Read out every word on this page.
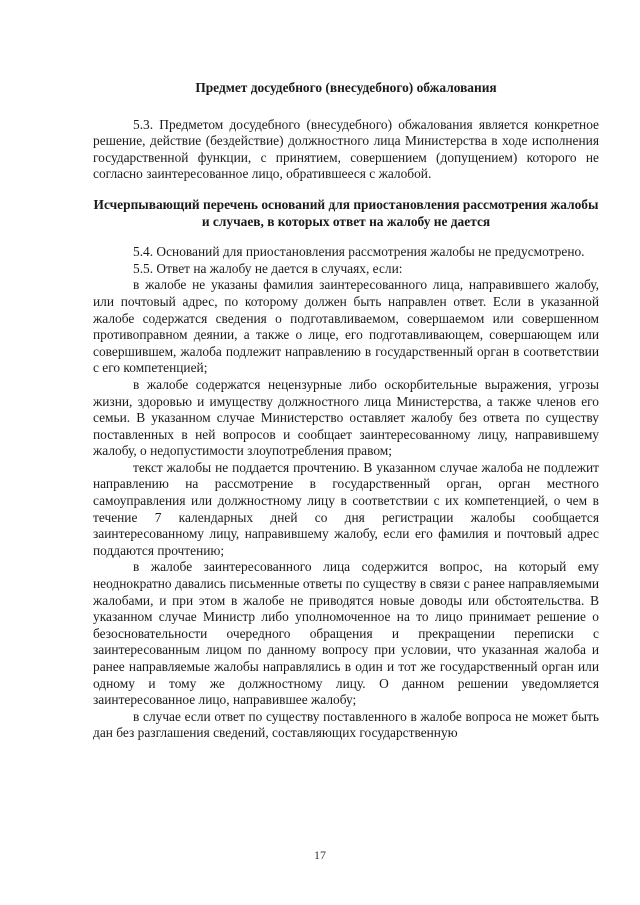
Предмет досудебного (внесудебного) обжалования

5.3. Предметом досудебного (внесудебного) обжалования является конкретное решение, действие (бездействие) должностного лица Министерства в ходе исполнения государственной функции, с принятием, совершением (допущением) которого не согласно заинтересованное лицо, обратившееся с жалобой.

Исчерпывающий перечень оснований для приостановления рассмотрения жалобы и случаев, в которых ответ на жалобу не дается

5.4. Оснований для приостановления рассмотрения жалобы не предусмотрено.

5.5. Ответ на жалобу не дается в случаях, если:

в жалобе не указаны фамилия заинтересованного лица, направившего жалобу, или почтовый адрес, по которому должен быть направлен ответ. Если в указанной жалобе содержатся сведения о подготавливаемом, совершаемом или совершенном противоправном деянии, а также о лице, его подготавливающем, совершающем или совершившем, жалоба подлежит направлению в государственный орган в соответствии с его компетенцией;

в жалобе содержатся нецензурные либо оскорбительные выражения, угрозы жизни, здоровью и имуществу должностного лица Министерства, а также членов его семьи. В указанном случае Министерство оставляет жалобу без ответа по существу поставленных в ней вопросов и сообщает заинтересованному лицу, направившему жалобу, о недопустимости злоупотребления правом;

текст жалобы не поддается прочтению. В указанном случае жалоба не подлежит направлению на рассмотрение в государственный орган, орган местного самоуправления или должностному лицу в соответствии с их компетенцией, о чем в течение 7 календарных дней со дня регистрации жалобы сообщается заинтересованному лицу, направившему жалобу, если его фамилия и почтовый адрес поддаются прочтению;

в жалобе заинтересованного лица содержится вопрос, на который ему неоднократно давались письменные ответы по существу в связи с ранее направляемыми жалобами, и при этом в жалобе не приводятся новые доводы или обстоятельства. В указанном случае Министр либо уполномоченное на то лицо принимает решение о безосновательности очередного обращения и прекращении переписки с заинтересованным лицом по данному вопросу при условии, что указанная жалоба и ранее направляемые жалобы направлялись в один и тот же государственный орган или одному и тому же должностному лицу. О данном решении уведомляется заинтересованное лицо, направившее жалобу;

в случае если ответ по существу поставленного в жалобе вопроса не может быть дан без разглашения сведений, составляющих государственную

17
